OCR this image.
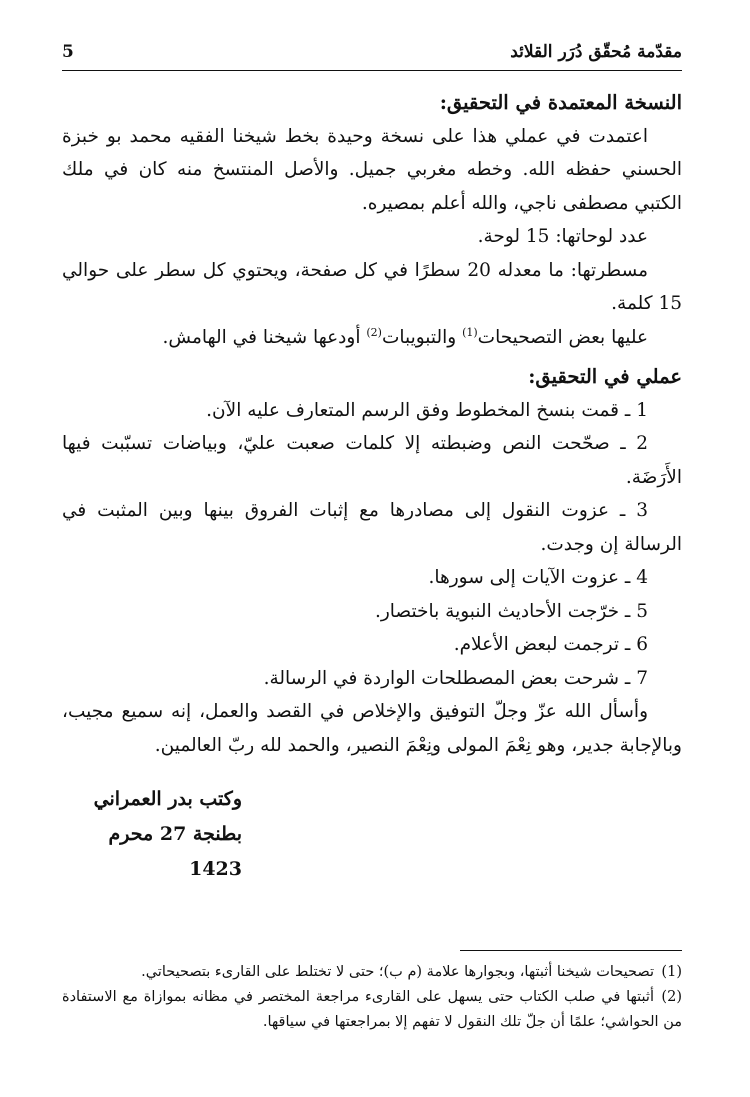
مقدّمة مُحقّق دُرَر القلائد
5

النسخة المعتمدة في التحقيق:

اعتمدت في عملي هذا على نسخة وحيدة بخط شيخنا الفقيه محمد بو خبزة الحسني حفظه الله. وخطه مغربي جميل. والأصل المنتسخ منه كان في ملك الكتبي مصطفى ناجي، والله أعلم بمصيره.

عدد لوحاتها: 15 لوحة.

مسطرتها: ما معدله 20 سطرًا في كل صفحة، ويحتوي كل سطر على حوالي 15 كلمة.

عليها بعض التصحيحات$^{(1)}$ والتبويبات$^{(2)}$ أودعها شيخنا في الهامش.

عملي في التحقيق:

1 ـ قمت بنسخ المخطوط وفق الرسم المتعارف عليه الآن.

2 ـ صحّحت النص وضبطته إلا كلمات صعبت عليّ، وبياضات تسبّبت فيها الأَرَضَة.

3 ـ عزوت النقول إلى مصادرها مع إثبات الفروق بينها وبين المثبت في الرسالة إن وجدت.

4 ـ عزوت الآيات إلى سورها.

5 ـ خرّجت الأحاديث النبوية باختصار.

6 ـ ترجمت لبعض الأعلام.

7 ـ شرحت بعض المصطلحات الواردة في الرسالة.

وأسأل الله عزّ وجلّ التوفيق والإخلاص في القصد والعمل، إنه سميع مجيب، وبالإجابة جدير، وهو نِعْمَ المولى ونِعْمَ النصير، والحمد لله ربّ العالمين.

وكتب بدر العمراني
بطنجة 27 محرم 1423

(1)تصحيحات شيخنا أثبتها، وبجوارها علامة (م ب)؛ حتى لا تختلط على القارىء بتصحيحاتي.

(2)أثبتها في صلب الكتاب حتى يسهل على القارىء مراجعة المختصر في مظانه بموازاة مع الاستفادة من الحواشي؛ علمًا أن جلّ تلك النقول لا تفهم إلا بمراجعتها في سياقها.
